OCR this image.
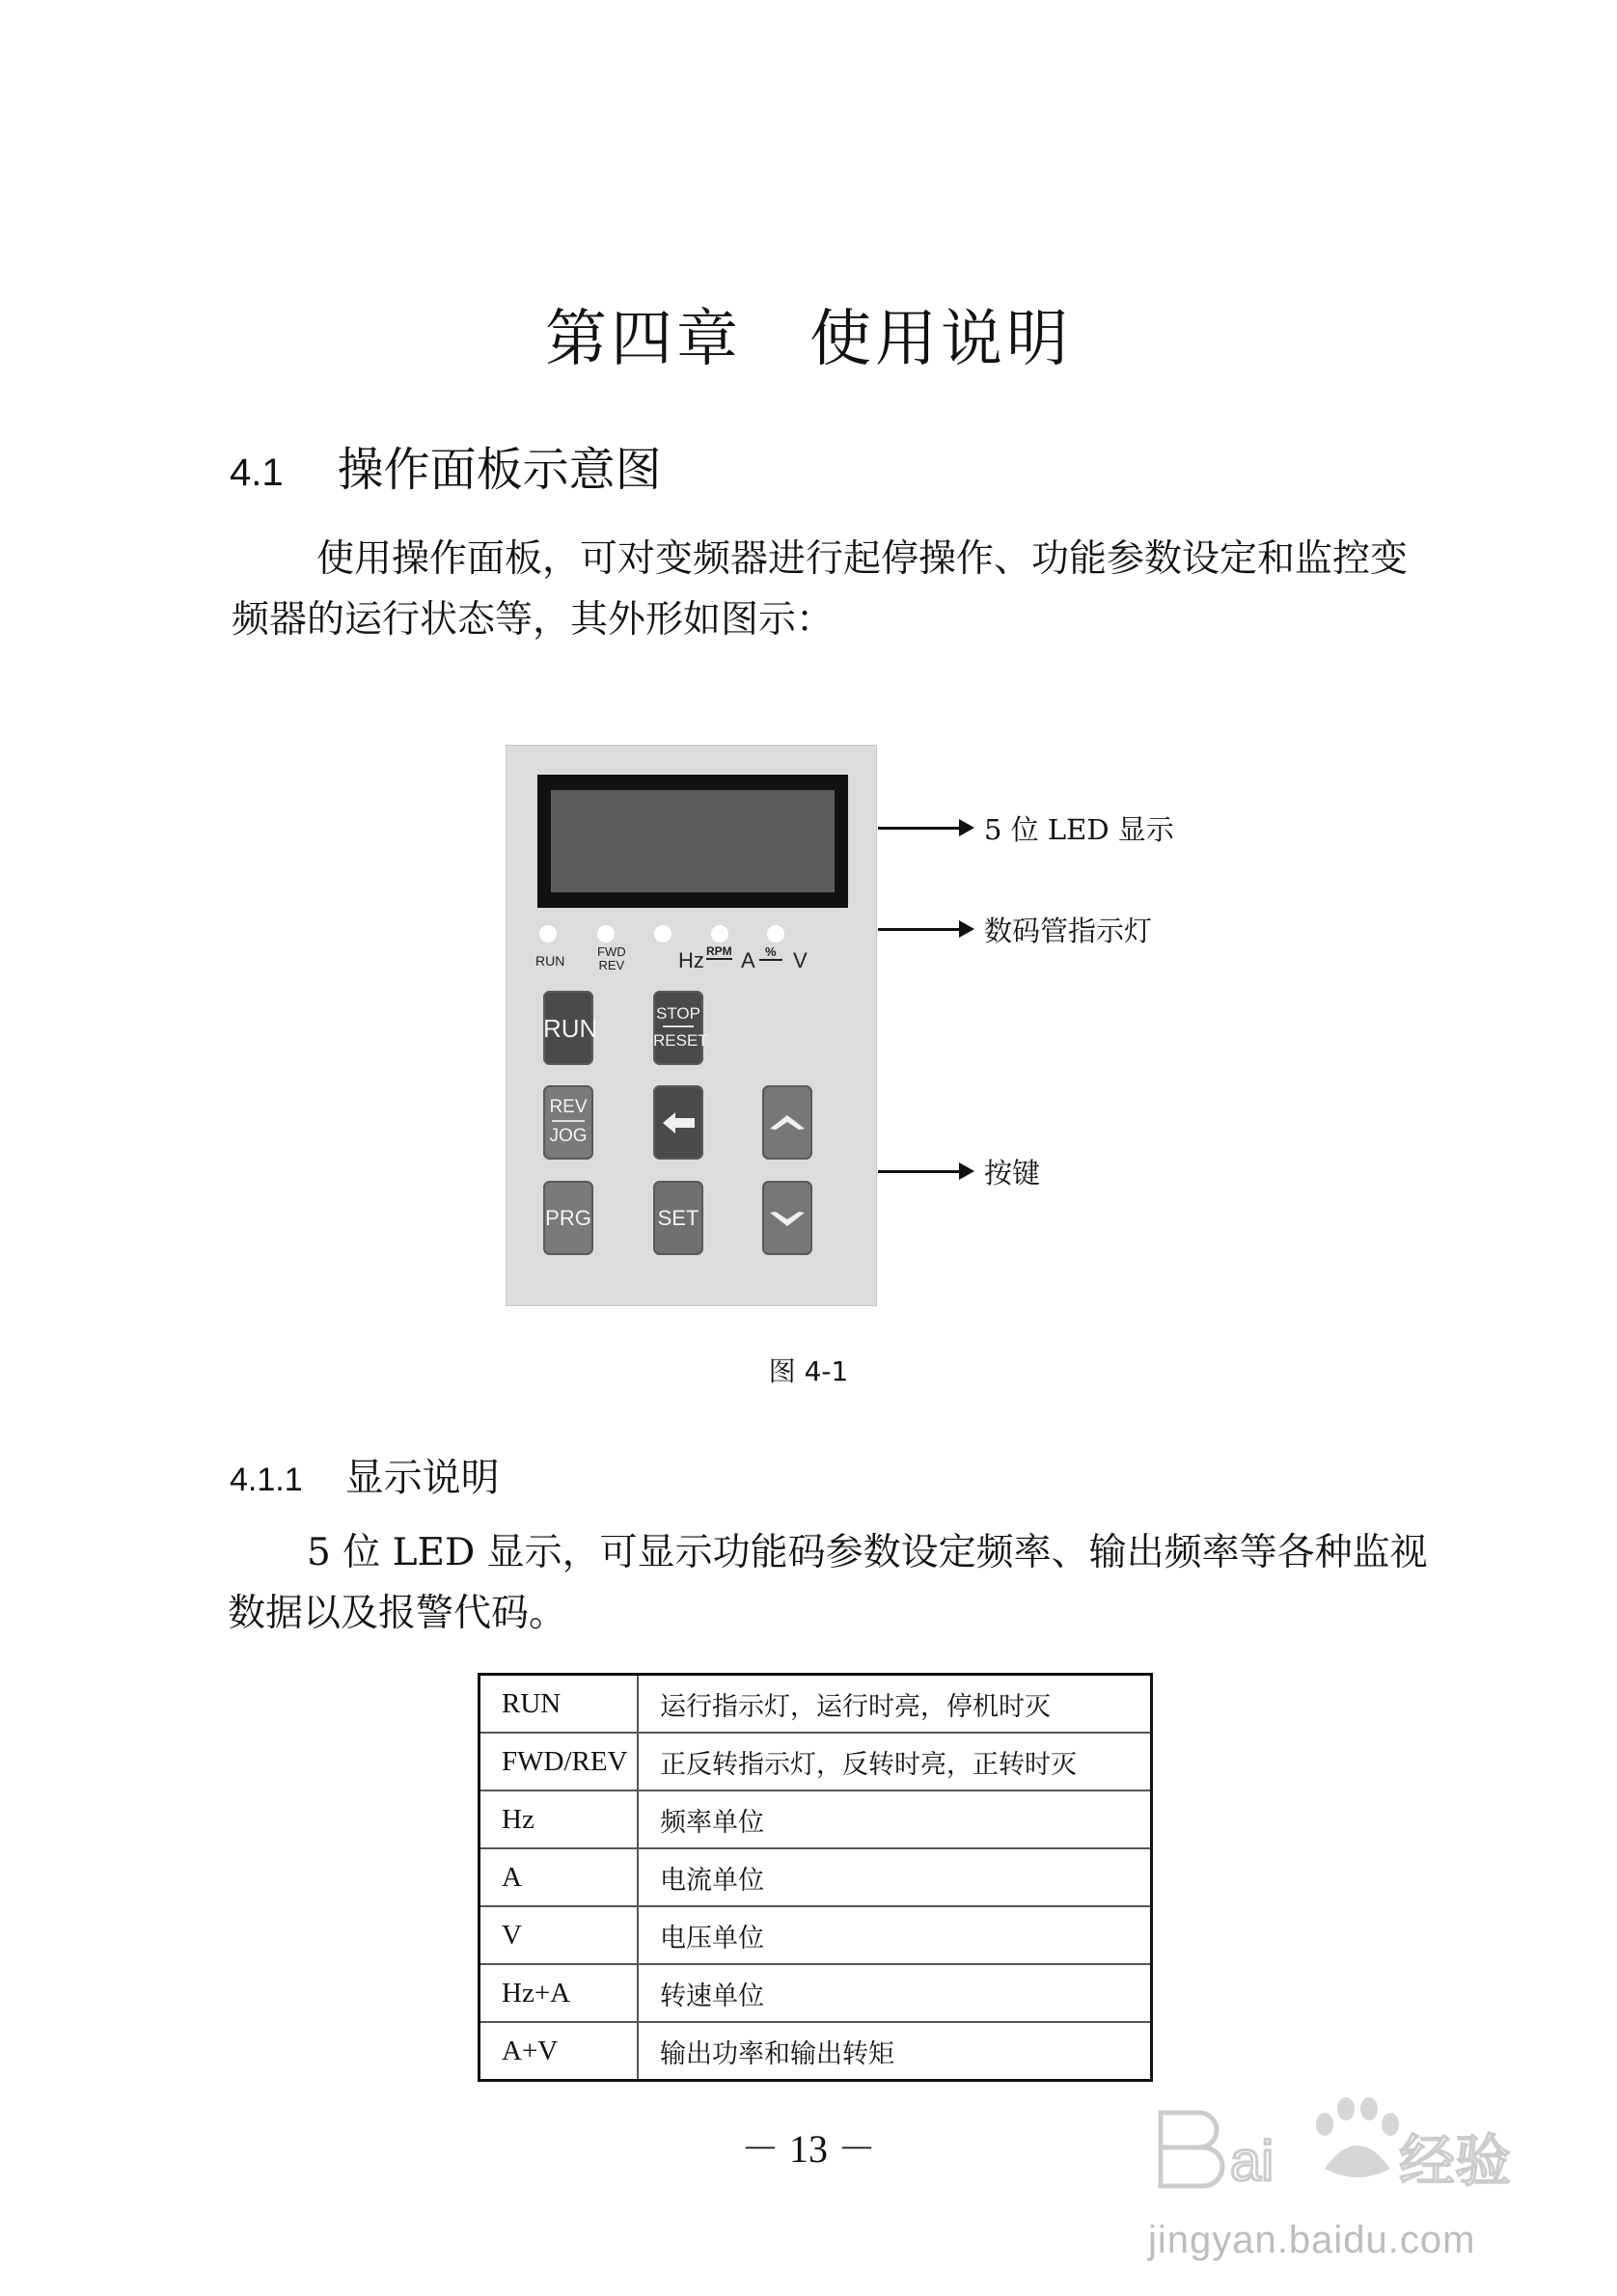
第四章 使用说明
4.1 操作面板示意图
使用操作面板，可对变频器进行起停操作、功能参数设定和监控变频器的运行状态等，其外形如图示：
RUN
FWD
REV	Hz RPM A % V
RUN
STOP
RESET
REV
JOG
PRG	SET
5 位 LED 显示
数码管指示灯
按键
图 4-1
4.1.1 显示说明
5 位 LED 显示，可显示功能码参数设定频率、输出频率等各种监视数据以及报警代码。
RUN	运行指示灯，运行时亮，停机时灭
FWD/REV	正反转指示灯，反转时亮，正转时灭
Hz	频率单位
A	电流单位
V	电压单位
Hz+A	转速单位
A+V	输出功率和输出转矩
－ 13 －	ai 经验
jingyan.baidu.com
